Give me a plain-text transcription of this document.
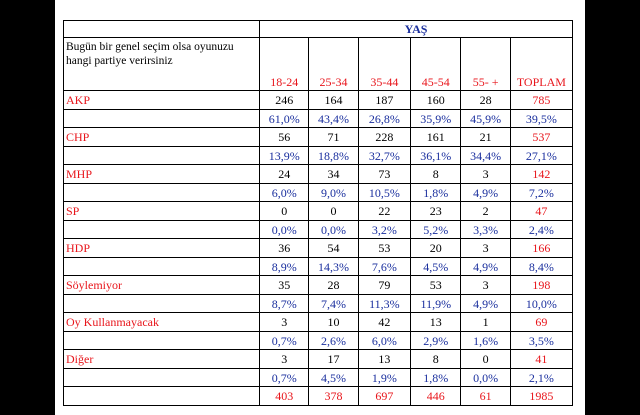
	YAŞ					
Bugün bir genel seçim olsa oyunuzu hangi partiye verirsiniz	18-24	25-34	35-44	45-54	55- +	TOPLAM
AKP	246	164	187	160	28	785
	61,0%	43,4%	26,8%	35,9%	45,9%	39,5%
CHP	56	71	228	161	21	537
	13,9%	18,8%	32,7%	36,1%	34,4%	27,1%
MHP	24	34	73	8	3	142
	6,0%	9,0%	10,5%	1,8%	4,9%	7,2%
SP	0	0	22	23	2	47
	0,0%	0,0%	3,2%	5,2%	3,3%	2,4%
HDP	36	54	53	20	3	166
	8,9%	14,3%	7,6%	4,5%	4,9%	8,4%
Söylemiyor	35	28	79	53	3	198
	8,7%	7,4%	11,3%	11,9%	4,9%	10,0%
Oy Kullanmayacak	3	10	42	13	1	69
	0,7%	2,6%	6,0%	2,9%	1,6%	3,5%
Diğer	3	17	13	8	0	41
	0,7%	4,5%	1,9%	1,8%	0,0%	2,1%
	403	378	697	446	61	1985
